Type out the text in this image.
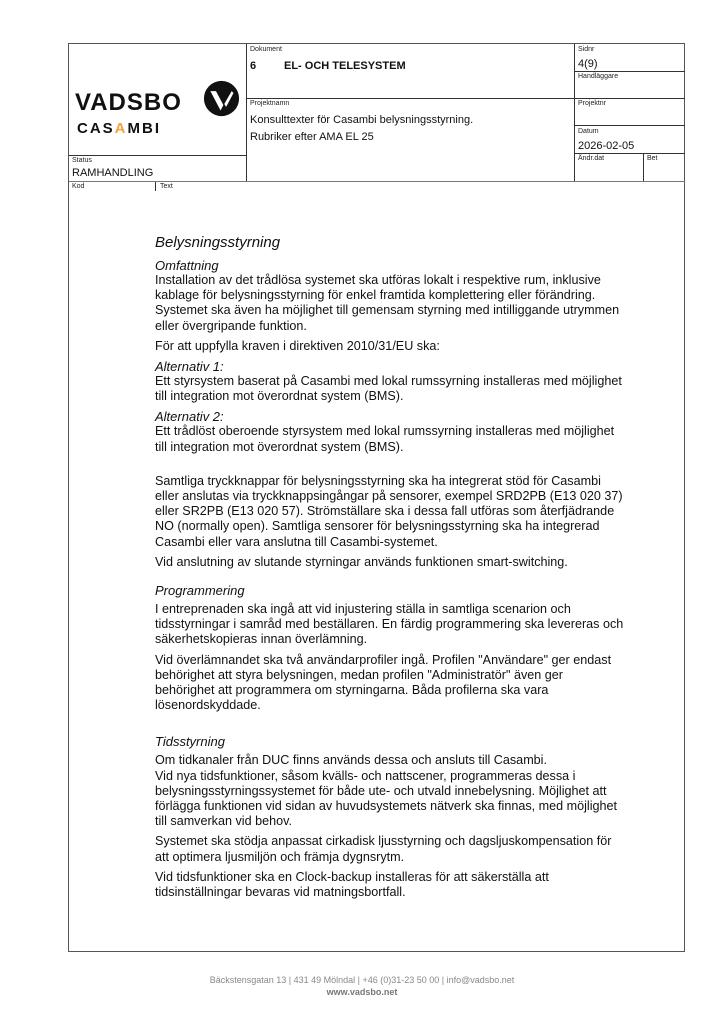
VADSBO
CASAMBI
Dokument
6	EL- OCH TELESYSTEM
Projektnamn
Konsulttexter för Casambi belysningsstyrning.
Rubriker efter AMA EL 25
Status
RAMHANDLING
Kod	Text
Sidnr
4(9)
Handläggare
Projektnr
Datum
2026-02-05
Ändr.dat	Bet
Belysningsstyrning
Omfattning

Installation av det trådlösa systemet ska utföras lokalt i respektive rum, inklusive kablage för belysningsstyrning för enkel framtida komplettering eller förändring. Systemet ska även ha möjlighet till gemensam styrning med intilliggande utrymmen eller övergripande funktion.

För att uppfylla kraven i direktiven 2010/31/EU ska:

Alternativ 1:

Ett styrsystem baserat på Casambi med lokal rumssyrning installeras med möjlighet till integration mot överordnat system (BMS).

Alternativ 2:

Ett trådlöst oberoende styrsystem med lokal rumssyrning installeras med möjlighet till integration mot överordnat system (BMS).

Samtliga tryckknappar för belysningsstyrning ska ha integrerat stöd för Casambi eller anslutas via tryckknappsingångar på sensorer, exempel SRD2PB (E13 020 37) eller SR2PB (E13 020 57). Strömställare ska i dessa fall utföras som återfjädrande NO (normally open). Samtliga sensorer för belysningsstyrning ska ha integrerad Casambi eller vara anslutna till Casambi-systemet.

Vid anslutning av slutande styrningar används funktionen smart-switching.

Programmering

I entreprenaden ska ingå att vid injustering ställa in samtliga scenarion och tidsstyrningar i samråd med beställaren. En färdig programmering ska levereras och säkerhetskopieras innan överlämning.

Vid överlämnandet ska två användarprofiler ingå. Profilen "Användare" ger endast behörighet att styra belysningen, medan profilen "Administratör" även ger behörighet att programmera om styrningarna. Båda profilerna ska vara lösenordskyddade.

Tidsstyrning

Om tidkanaler från DUC finns används dessa och ansluts till Casambi.

Vid nya tidsfunktioner, såsom kvälls- och nattscener, programmeras dessa i belysningsstyrningssystemet för både ute- och utvald innebelysning. Möjlighet att förlägga funktionen vid sidan av huvudsystemets nätverk ska finnas, med möjlighet till samverkan vid behov.

Systemet ska stödja anpassat cirkadisk ljusstyrning och dagsljuskompensation för att optimera ljusmiljön och främja dygnsrytm.

Vid tidsfunktioner ska en Clock-backup installeras för att säkerställa att tidsinställningar bevaras vid matningsbortfall.

Bäckstensgatan 13 | 431 49 Mölndal | +46 (0)31-23 50 00 | info@vadsbo.net
www.vadsbo.net
